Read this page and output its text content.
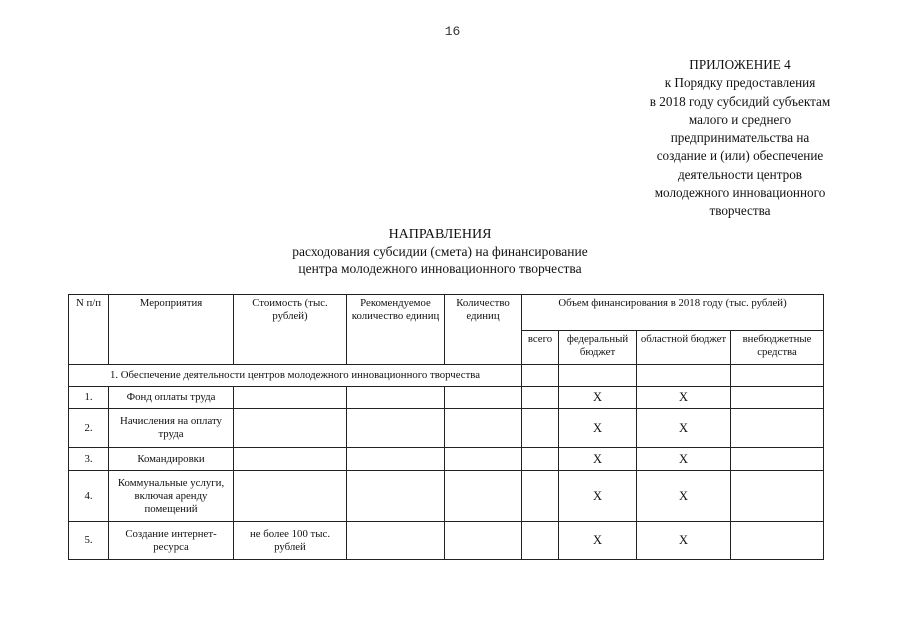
16
ПРИЛОЖЕНИЕ 4
к Порядку предоставления
в 2018 году субсидий субъектам
малого и среднего
предпринимательства на
создание и (или) обеспечение
деятельности центров
молодежного инновационного
творчества
НАПРАВЛЕНИЯ
расходования субсидии (смета) на финансирование
центра молодежного инновационного творчества
N п/п	Мероприятия	Стоимость (тыс. рублей)	Рекомендуемое количество единиц	Количество единиц	Объем финансирования в 2018 году (тыс. рублей)			
					всего	федеральный бюджет	областной бюджет	внебюджетные средства
1. Обеспечение деятельности центров молодежного инновационного творчества								
1.	Фонд оплаты труда					X	X	
2.	Начисления на оплату труда					X	X	
3.	Командировки					X	X	
4.	Коммунальные услуги, включая аренду помещений					X	X	
5.	Создание интернет-ресурса	не более 100 тыс. рублей				X	X	
